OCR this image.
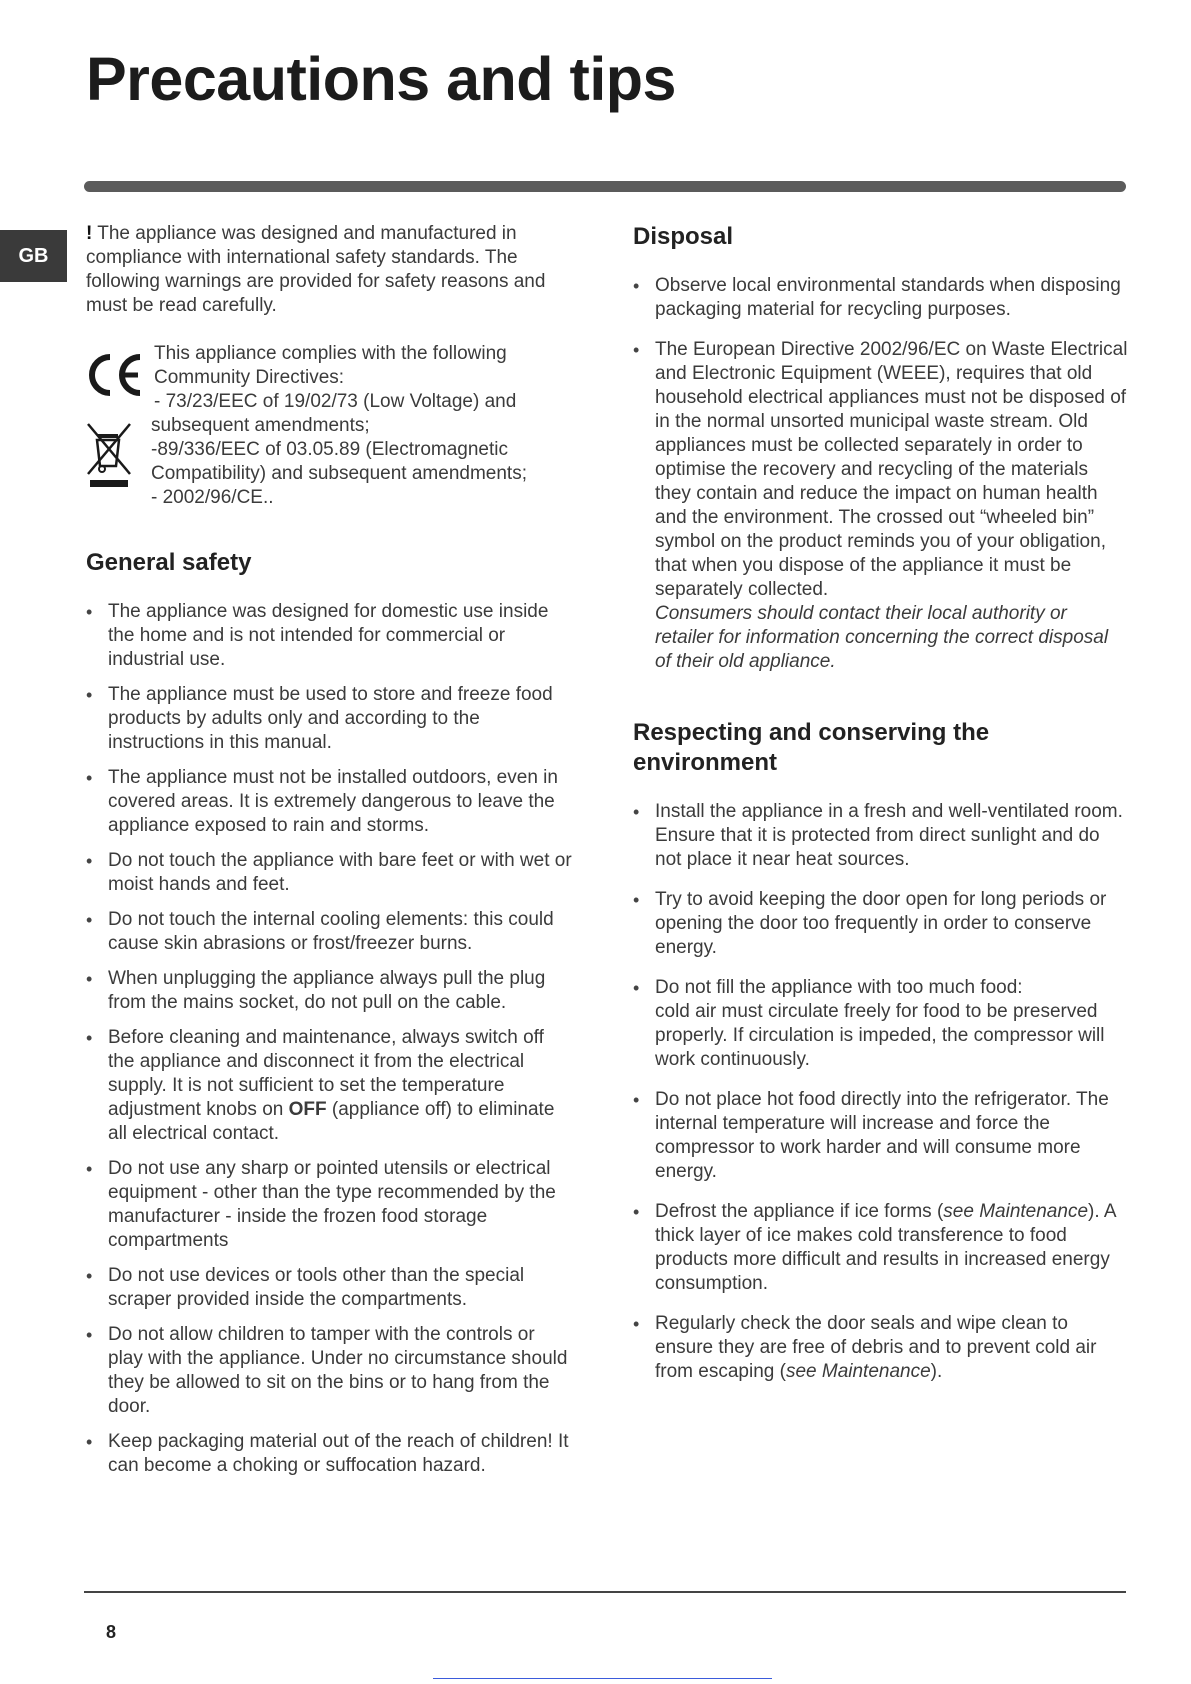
Precautions and tips
GB

! The appliance was designed and manufactured in compliance with international safety standards. The following warnings are provided for safety reasons and must be read carefully.

This appliance complies with the following
Community Directives:
- 73/23/EEC of 19/02/73 (Low Voltage) and
subsequent amendments;
-89/336/EEC of 03.05.89 (Electromagnetic
Compatibility) and subsequent amendments;
- 2002/96/CE..
General safety
• The appliance was designed for domestic use inside the home and is not intended for commercial or industrial use.
• The appliance must be used to store and freeze food products by adults only and according to the instructions in this manual.
• The appliance must not be installed outdoors, even in covered areas. It is extremely dangerous to leave the appliance exposed to rain and storms.
• Do not touch the appliance with bare feet or with wet or moist hands and feet.
• Do not touch the internal cooling elements: this could cause skin abrasions or frost/freezer burns.
• When unplugging the appliance always pull the plug from the mains socket, do not pull on the cable.
• Before cleaning and maintenance, always switch off the appliance and disconnect it from the electrical supply. It is not sufficient to set the temperature adjustment knobs on OFF (appliance off) to eliminate all electrical contact.
• Do not use any sharp or pointed utensils or electrical equipment - other than the type recommended by the manufacturer - inside the frozen food storage compartments
• Do not use devices or tools other than the special scraper provided inside the compartments.
• Do not allow children to tamper with the controls or play with the appliance. Under no circumstance should they be allowed to sit on the bins or to hang from the door.
• Keep packaging material out of the reach of children! It can become a choking or suffocation hazard.
Disposal
• Observe local environmental standards when disposing packaging material for recycling purposes.
• The European Directive 2002/96/EC on Waste Electrical and Electronic Equipment (WEEE), requires that old household electrical appliances must not be disposed of in the normal unsorted municipal waste stream. Old appliances must be collected separately in order to optimise the recovery and recycling of the materials they contain and reduce the impact on human health and the environment. The crossed out “wheeled bin” symbol on the product reminds you of your obligation, that when you dispose of the appliance it must be separately collected.
Consumers should contact their local authority or retailer for information concerning the correct disposal of their old appliance.
Respecting and conserving the environment
• Install the appliance in a fresh and well-ventilated room. Ensure that it is protected from direct sunlight and do not place it near heat sources.
• Try to avoid keeping the door open for long periods or opening the door too frequently in order to conserve energy.
• Do not fill the appliance with too much food:
cold air must circulate freely for food to be preserved properly. If circulation is impeded, the compressor will work continuously.
• Do not place hot food directly into the refrigerator. The internal temperature will increase and force the compressor to work harder and will consume more energy.
• Defrost the appliance if ice forms (see Maintenance). A thick layer of ice makes cold transference to food products more difficult and results in increased energy consumption.
• Regularly check the door seals and wipe clean to ensure they are free of debris and to prevent cold air from escaping (see Maintenance).
8
